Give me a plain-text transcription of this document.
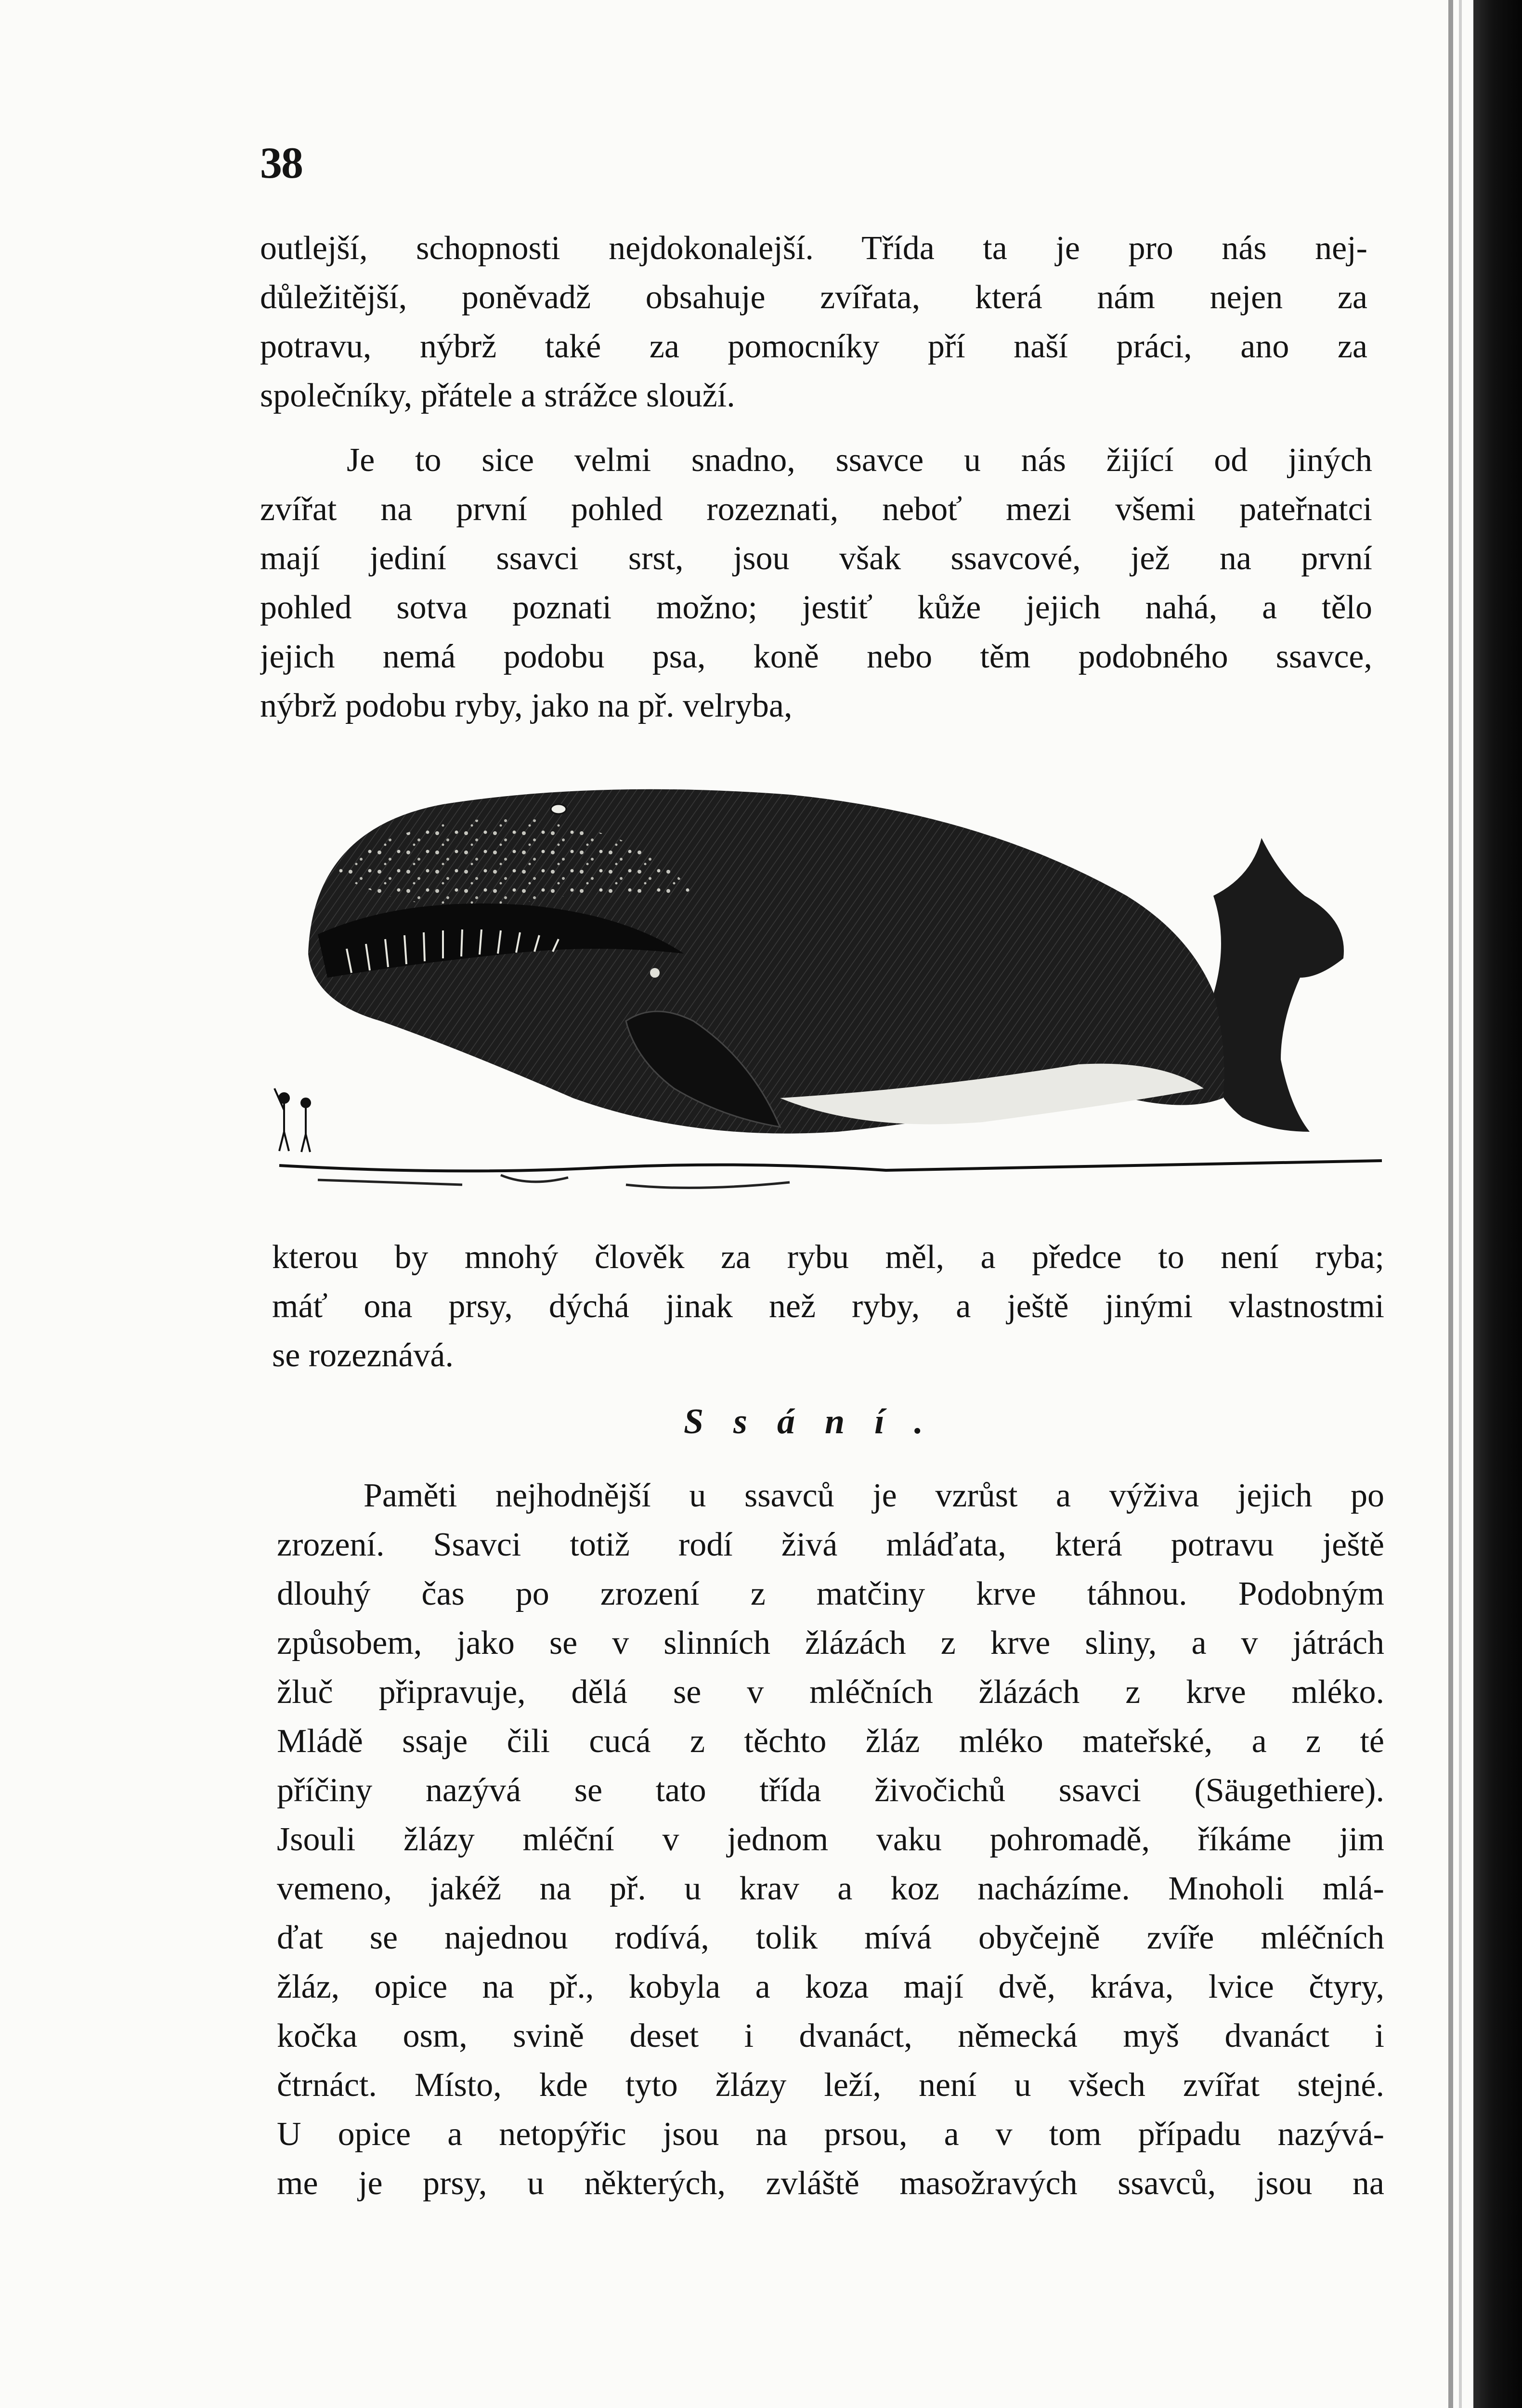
38

outlejší, schopnosti nejdokonalejší. Třída ta je pro nás nej-
důležitější, poněvadž obsahuje zvířata, která nám nejen za
potravu, nýbrž také za pomocníky pří naší práci, ano za
společníky, přátele a strážce slouží.

Je to sice velmi snadno, ssavce u nás žijící od jiných
zvířat na první pohled rozeznati, neboť mezi všemi pateřnatci
mají jediní ssavci srst, jsou však ssavcové, jež na první
pohled sotva poznati možno; jestiť kůže jejich nahá, a tělo
jejich nemá podobu psa, koně nebo těm podobného ssavce,
nýbrž podobu ryby, jako na př. velryba,

kterou by mnohý člověk za rybu měl, a předce to není ryba;
máť ona prsy, dýchá jinak než ryby, a ještě jinými vlastnostmi
se rozeznává.

Ssání.

Paměti nejhodnější u ssavců je vzrůst a výživa jejich po
zrození. Ssavci totiž rodí živá mláďata, která potravu ještě
dlouhý čas po zrození z matčiny krve táhnou. Podobným
způsobem, jako se v slinních žlázách z krve sliny, a v játrách
žluč připravuje, dělá se v mléčních žlázách z krve mléko.
Mládě ssaje čili cucá z těchto žláz mléko mateřské, a z té
příčiny nazývá se tato třída živočichů ssavci (Säugethiere).
Jsouli žlázy mléční v jednom vaku pohromadě, říkáme jim
vemeno, jakéž na př. u krav a koz nacházíme. Mnoholi mlá-
ďat se najednou rodívá, tolik mívá obyčejně zvíře mléčních
žláz, opice na př., kobyla a koza mají dvě, kráva, lvice čtyry,
kočka osm, svině deset i dvanáct, německá myš dvanáct i
čtrnáct. Místo, kde tyto žlázy leží, není u všech zvířat stejné.
U opice a netopýřic jsou na prsou, a v tom případu nazývá-
me je prsy, u některých, zvláště masožravých ssavců, jsou na
